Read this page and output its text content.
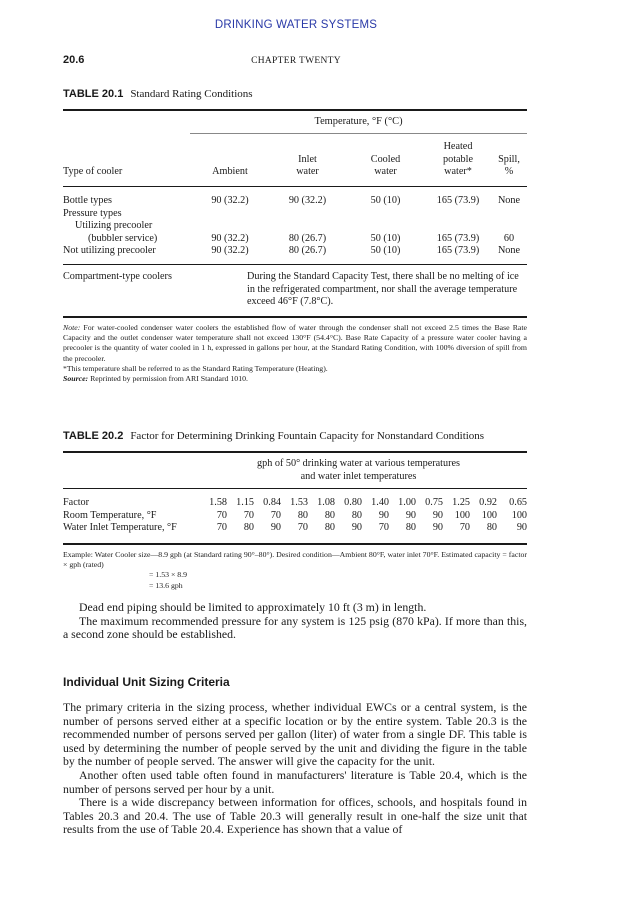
DRINKING WATER SYSTEMS
20.6	CHAPTER TWENTY
TABLE 20.1 Standard Rating Conditions
Temperature, °F (°C)
				Heated	
		Inlet	Cooled	potable	Spill,
Type of cooler	Ambient	water	water	water*	%
Bottle types	90 (32.2)	90 (32.2)	50 (10)	165 (73.9)	None
Pressure types					
Utilizing precooler					
(bubbler service)	90 (32.2)	80 (26.7)	50 (10)	165 (73.9)	60
Not utilizing precooler	90 (32.2)	80 (26.7)	50 (10)	165 (73.9)	None
Compartment-type coolers	During the Standard Capacity Test, there shall be no melting of ice in the refrigerated compartment, nor shall the average temperature exceed 46°F (7.8°C).
Note: For water-cooled condenser water coolers the established flow of water through the condenser shall not exceed 2.5 times the Base Rate Capacity and the outlet condenser water temperature shall not exceed 130°F (54.4°C). Base Rate Capacity of a pressure water cooler having a precooler is the quantity of water cooled in 1 h, expressed in gallons per hour, at the Standard Rating Condition, with 100% diversion of spill from the precooler.
*This temperature shall be referred to as the Standard Rating Temperature (Heating).
Source: Reprinted by permission from ARI Standard 1010.
TABLE 20.2 Factor for Determining Drinking Fountain Capacity for Nonstandard Conditions
gph of 50° drinking water at various temperatures
and water inlet temperatures
Factor	1.58	1.15	0.84	1.53	1.08	0.80	1.40	1.00	0.75	1.25	0.92	0.65
Room Temperature, °F	70	70	70	80	80	80	90	90	90	100	100	100
Water Inlet Temperature, °F	70	80	90	70	80	90	70	80	90	70	80	90
Example: Water Cooler size—8.9 gph (at Standard rating 90°–80°). Desired condition—Ambient 80°F, water inlet 70°F. Estimated capacity = factor × gph (rated)
= 1.53 × 8.9
= 13.6 gph

Dead end piping should be limited to approximately 10 ft (3 m) in length.

The maximum recommended pressure for any system is 125 psig (870 kPa). If more than this, a second zone should be established.

Individual Unit Sizing Criteria

The primary criteria in the sizing process, whether individual EWCs or a central system, is the number of persons served either at a specific location or by the entire system. Table 20.3 is the recommended number of persons served per gallon (liter) of water from a single DF. This table is used by determining the number of people served by the unit and dividing the figure in the table by the number of people served. The answer will give the capacity for the unit.

Another often used table often found in manufacturers' literature is Table 20.4, which is the number of persons served per hour by a unit.

There is a wide discrepancy between information for offices, schools, and hospitals found in Tables 20.3 and 20.4. The use of Table 20.3 will generally result in one-half the size unit that results from the use of Table 20.4. Experience has shown that a value of
